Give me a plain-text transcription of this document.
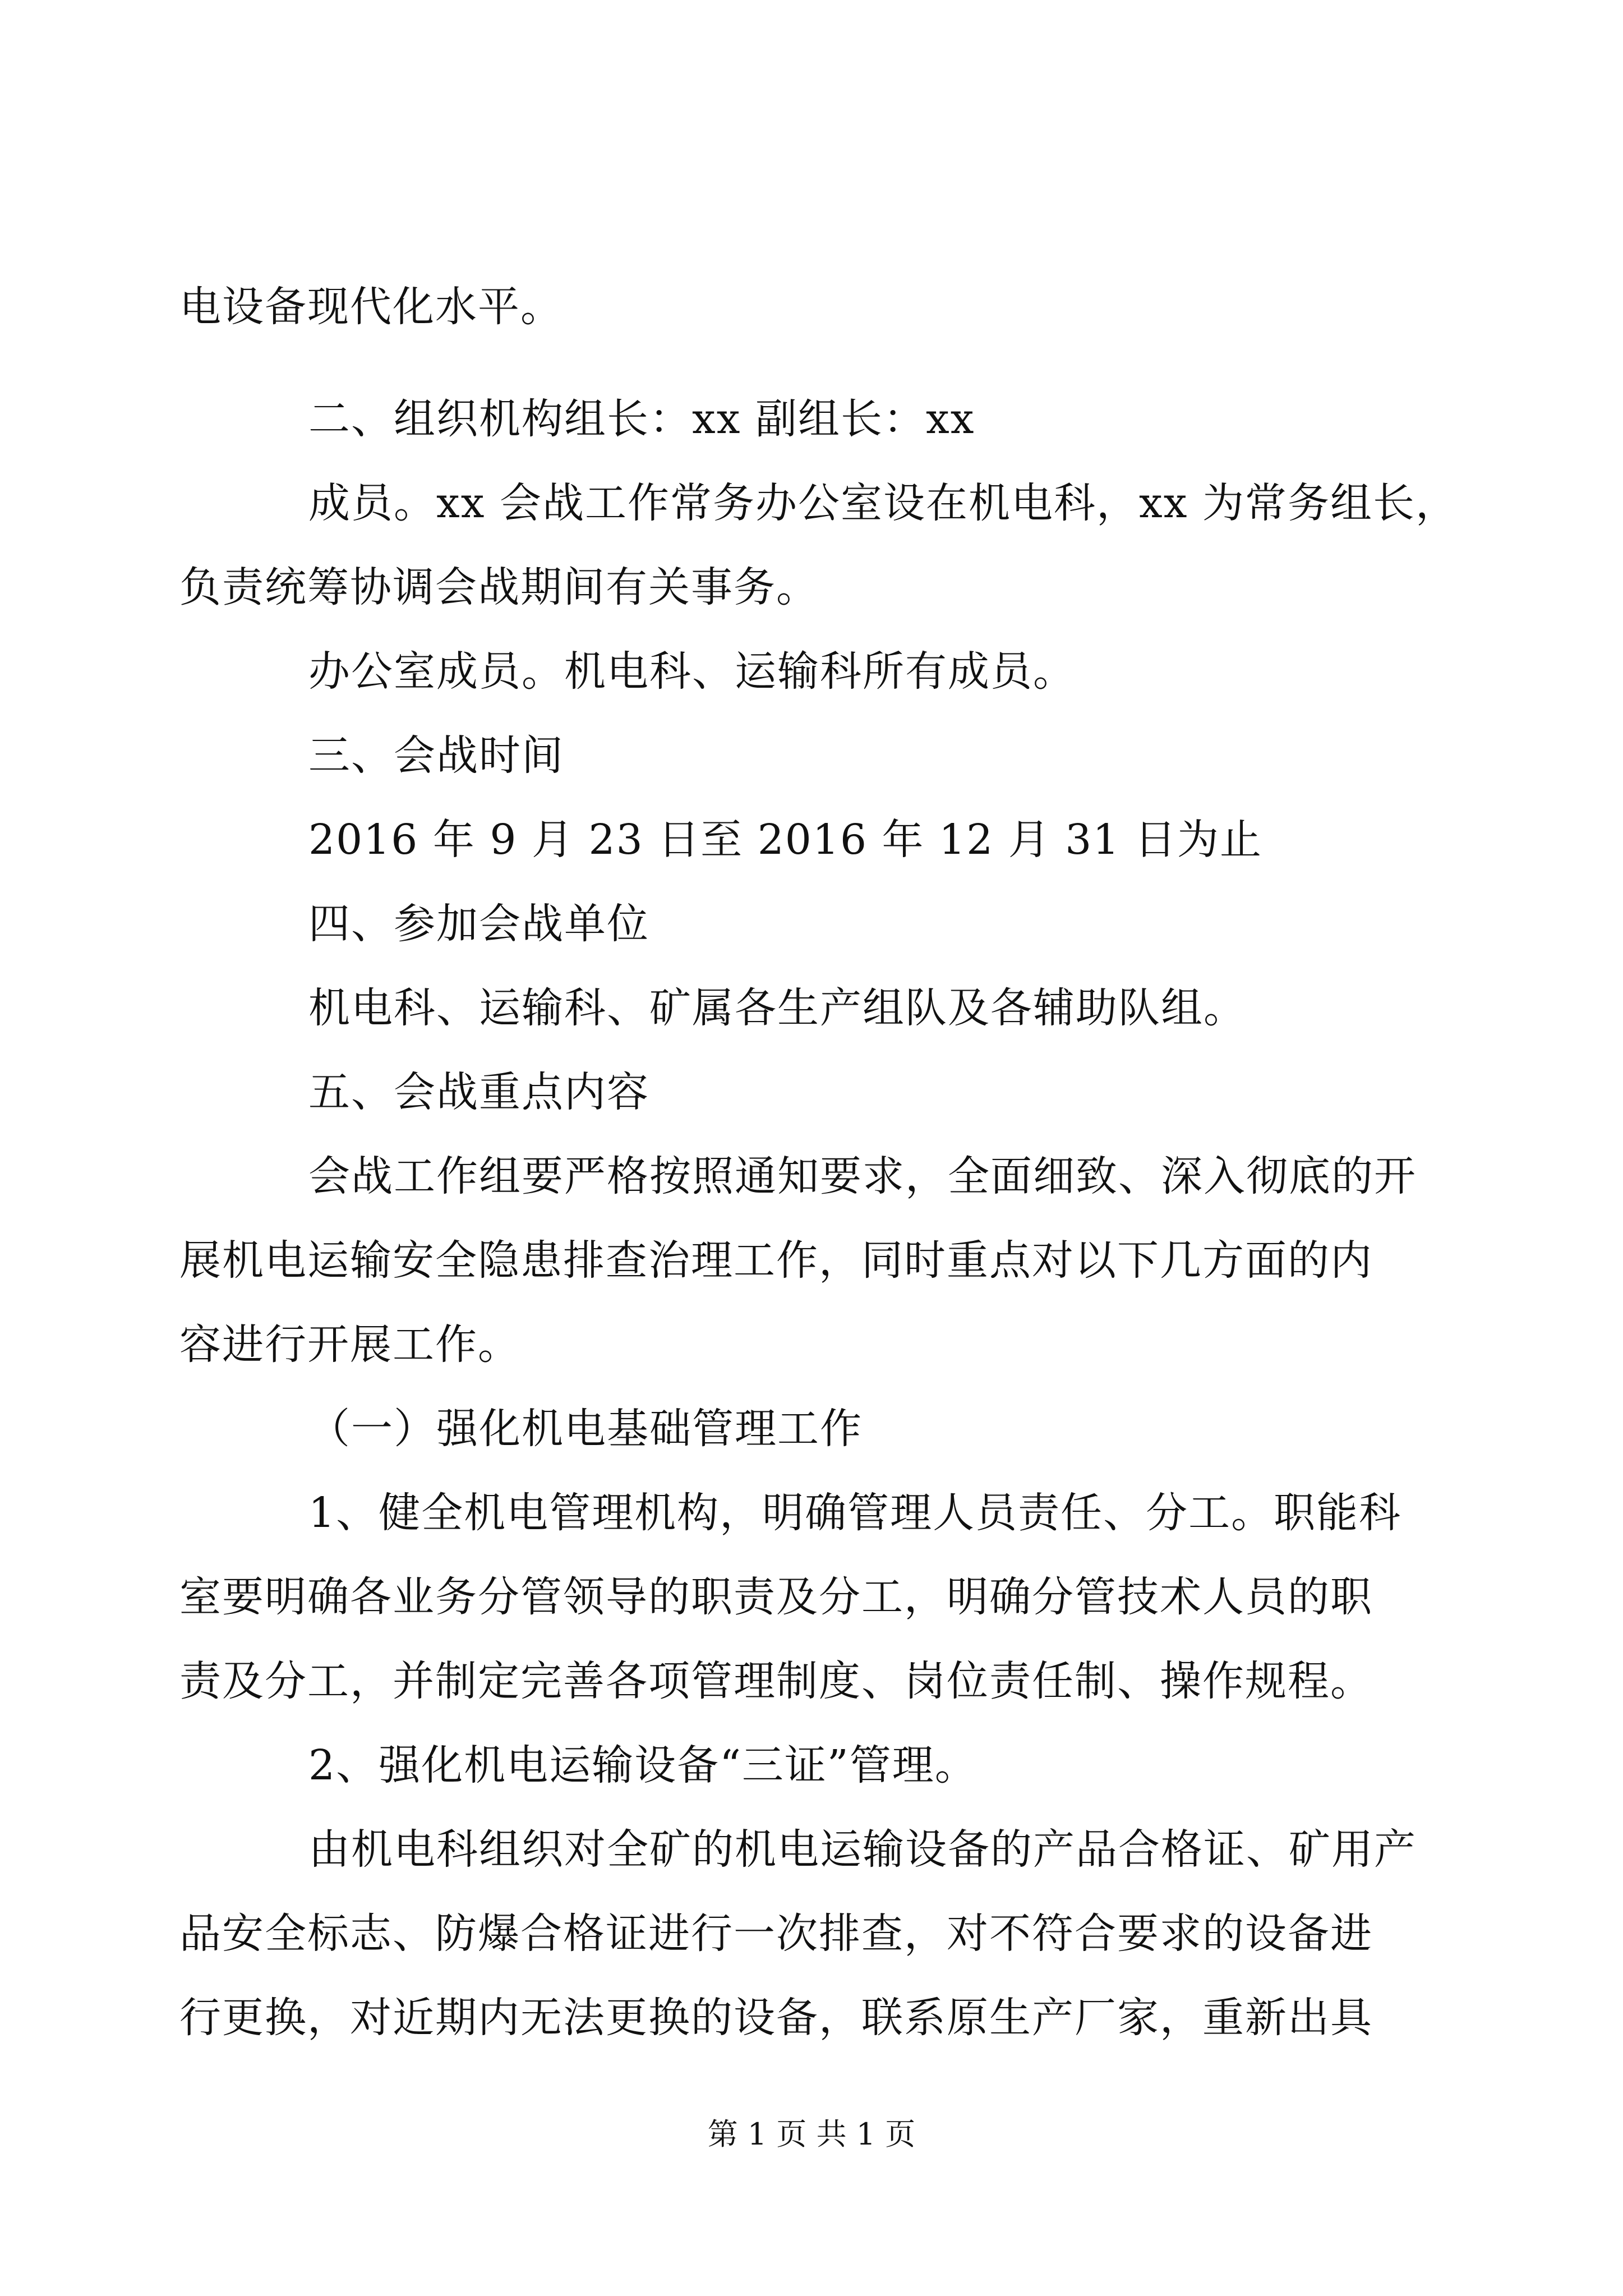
电设备现代化水平。
二、组织机构组长：xx 副组长：xx
成员。xx 会战工作常务办公室设在机电科，xx 为常务组长，
负责统筹协调会战期间有关事务。
办公室成员。机电科、运输科所有成员。
三、会战时间
2016 年 9 月 23 日至 2016 年 12 月 31 日为止
四、参加会战单位
机电科、运输科、矿属各生产组队及各辅助队组。
五、会战重点内容
会战工作组要严格按照通知要求，全面细致、深入彻底的开
展机电运输安全隐患排查治理工作，同时重点对以下几方面的内
容进行开展工作。
（一）强化机电基础管理工作
1、健全机电管理机构，明确管理人员责任、分工。职能科
室要明确各业务分管领导的职责及分工，明确分管技术人员的职
责及分工，并制定完善各项管理制度、岗位责任制、操作规程。
2、强化机电运输设备“三证”管理。
由机电科组织对全矿的机电运输设备的产品合格证、矿用产
品安全标志、防爆合格证进行一次排查，对不符合要求的设备进
行更换，对近期内无法更换的设备，联系原生产厂家，重新出具
第 1 页 共 1 页
